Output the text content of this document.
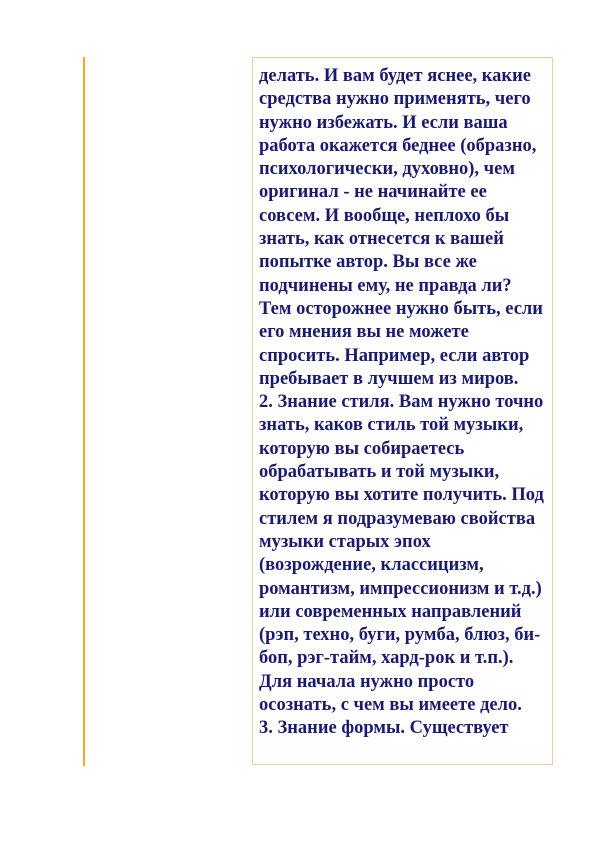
делать. И вам будет яснее, какие
средства нужно применять, чего
нужно избежать. И если ваша
работа окажется беднее (образно,
психологически, духовно), чем
оригинал - не начинайте ее
совсем. И вообще, неплохо бы
знать, как отнесется к вашей
попытке автор. Вы все же
подчинены ему, не правда ли?
Тем осторожнее нужно быть, если
его мнения вы не можете
спросить. Например, если автор
пребывает в лучшем из миров.
2. Знание стиля. Вам нужно точно
знать, каков стиль той музыки,
которую вы собираетесь
обрабатывать и той музыки,
которую вы хотите получить. Под
стилем я подразумеваю свойства
музыки старых эпох
(возрождение, классицизм,
романтизм, импрессионизм и т.д.)
или современных направлений
(рэп, техно, буги, румба, блюз, би-
боп, рэг-тайм, хард-рок и т.п.).
Для начала нужно просто
осознать, с чем вы имеете дело.
3. Знание формы. Существует
